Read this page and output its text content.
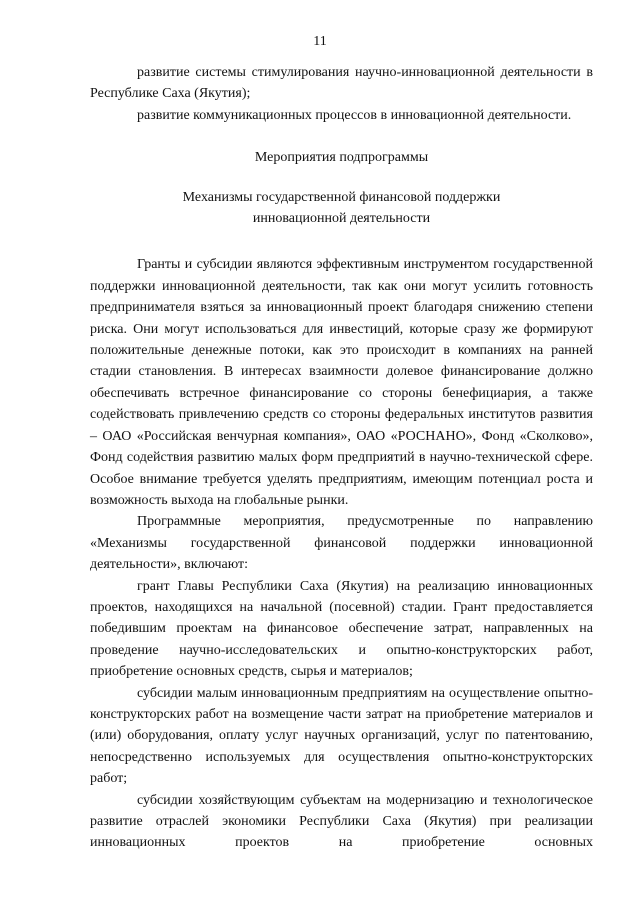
11

развитие системы стимулирования научно-инновационной деятельности в Республике Саха (Якутия);

развитие коммуникационных процессов в инновационной деятельности.

Мероприятия подпрограммы

Механизмы государственной финансовой поддержки

инновационной деятельности

Гранты и субсидии являются эффективным инструментом государственной поддержки инновационной деятельности, так как они могут усилить готовность предпринимателя взяться за инновационный проект благодаря снижению степени риска. Они могут использоваться для инвестиций, которые сразу же формируют положительные денежные потоки, как это происходит в компаниях на ранней стадии становления. В интересах взаимности долевое финансирование должно обеспечивать встречное финансирование со стороны бенефициария, а также содействовать привлечению средств со стороны федеральных институтов развития – ОАО «Российская венчурная компания», ОАО «РОСНАНО», Фонд «Сколково», Фонд содействия развитию малых форм предприятий в научно-технической сфере. Особое внимание требуется уделять предприятиям, имеющим потенциал роста и возможность выхода на глобальные рынки.

Программные мероприятия, предусмотренные по направлению «Механизмы государственной финансовой поддержки инновационной деятельности», включают:

грант Главы Республики Саха (Якутия) на реализацию инновационных проектов, находящихся на начальной (посевной) стадии. Грант предоставляется победившим проектам на финансовое обеспечение затрат, направленных на проведение научно-исследовательских и опытно-конструкторских работ, приобретение основных средств, сырья и материалов;

субсидии малым инновационным предприятиям на осуществление опытно-конструкторских работ на возмещение части затрат на приобретение материалов и (или) оборудования, оплату услуг научных организаций, услуг по патентованию, непосредственно используемых для осуществления опытно-конструкторских работ;

субсидии хозяйствующим субъектам на модернизацию и технологическое развитие отраслей экономики Республики Саха (Якутия) при реализации инновационных проектов на приобретение основных
